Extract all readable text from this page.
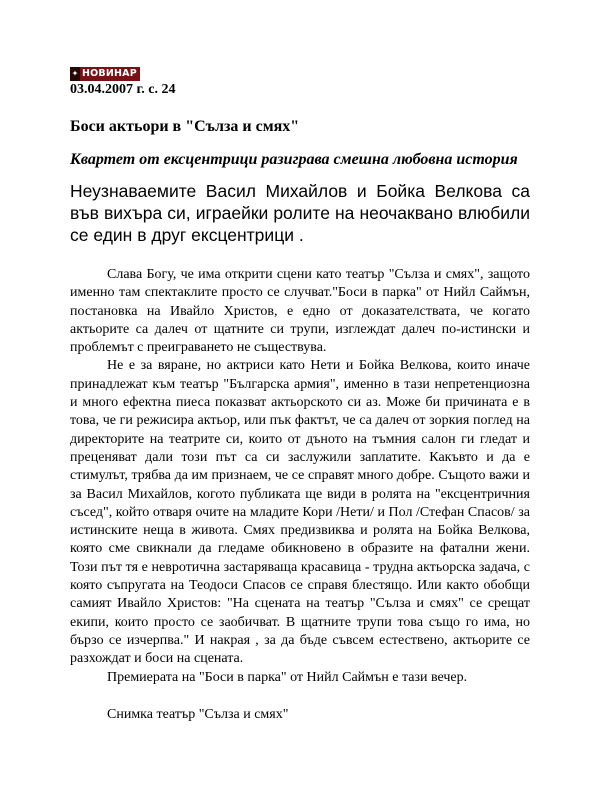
✦ НОВИНАР
03.04.2007 г. с. 24
Боси актьори в "Сълза и смях"
Квартет от ексцентрици разиграва смешна любовна история
Неузнаваемите Васил Михайлов и Бойка Велкова са във вихъра си, играейки ролите на неочаквано влюбили се един в друг ексцентрици .

Слава Богу, че има открити сцени като театър "Сълза и смях", защото именно там спектаклите просто се случват."Боси в парка" от Нийл Саймън, постановка на Ивайло Христов, е едно от доказателствата, че когато актьорите са далеч от щатните си трупи, изглеждат далеч по-истински и проблемът с преиграването не съществува.

Не е за вяране, но актриси като Нети и Бойка Велкова, които иначе принадлежат към театър "Българска армия", именно в тази непретенциозна и много ефектна пиеса показват актьорското си аз. Може би причината е в това, че ги режисира актьор, или пък фактът, че са далеч от зоркия поглед на директорите на театрите си, които от дъното на тъмния салон ги гледат и преценяват дали този път са си заслужили заплатите. Какъвто и да е стимулът, трябва да им признаем, че се справят много добре. Същото важи и за Васил Михайлов, когото публиката ще види в ролята на "ексцентричния съсед", който отваря очите на младите Кори /Нети/ и Пол /Стефан Спасов/ за истинските неща в живота. Смях предизвиква и ролята на Бойка Велкова, която сме свикнали да гледаме обикновено в образите на фатални жени. Този път тя е невротична застаряваща красавица - трудна актьорска задача, с която съпругата на Теодоси Спасов се справя блестящо. Или както обобщи самият Ивайло Христов: "На сцената на театър "Сълза и смях" се срещат екипи, които просто се заобичват. В щатните трупи това също го има, но бързо се изчерпва." И накрая , за да бъде съвсем естествено, актьорите се разхождат и боси на сцената.

Премиерата на "Боси в парка" от Нийл Саймън е тази вечер.

Снимка театър "Сълза и смях"
